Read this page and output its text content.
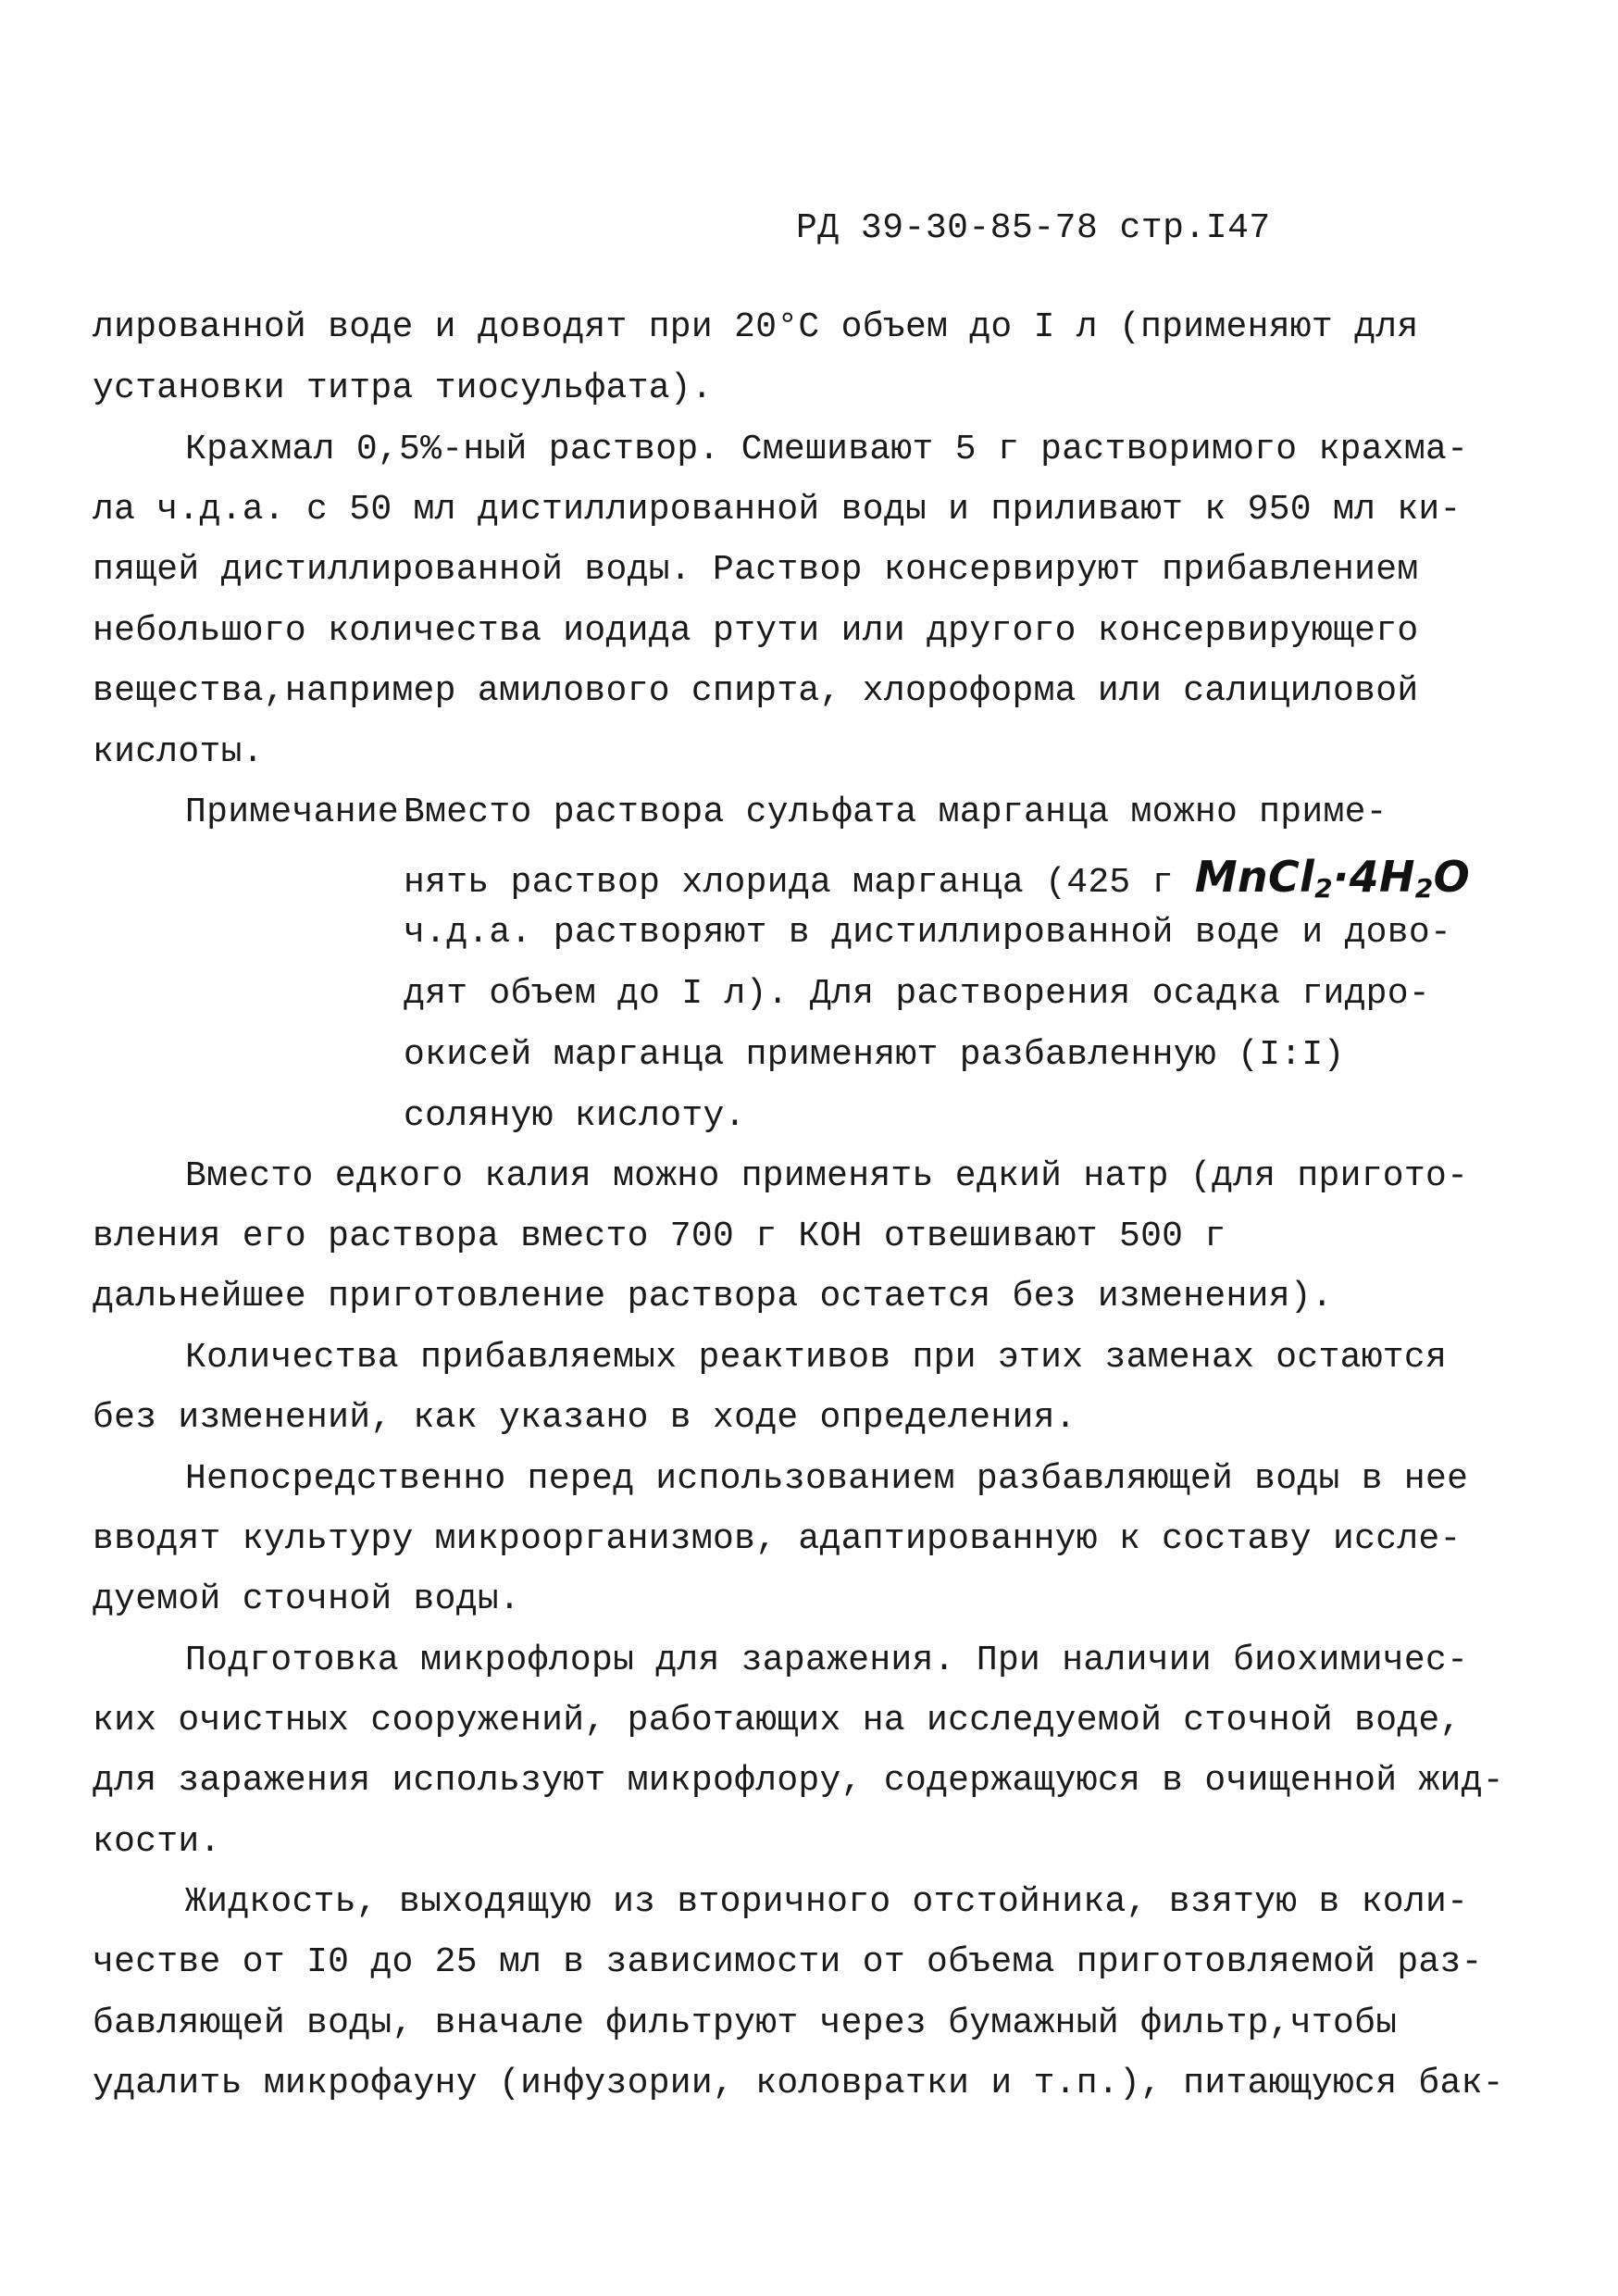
РД 39-30-85-78 стр.I47
лированной воде и доводят при 20°С объем до I л (применяют для
установки титра тиосульфата).
Крахмал 0,5%-ный раствор. Смешивают 5 г растворимого крахма-
ла ч.д.а. с 50 мл дистиллированной воды и приливают к 950 мл ки-
пящей дистиллированной воды. Раствор консервируют прибавлением
небольшого количества иодида ртути или другого консервирующего
вещества,например амилового спирта, хлороформа или салициловой
кислоты.
Примечание.
Вместо раствора сульфата марганца можно приме-
нять раствор хлорида марганца (425 г $MnCl_2\cdot 4H_2O$
ч.д.а. растворяют в дистиллированной воде и дово-
дят объем до I л). Для растворения осадка гидро-
окисей марганца применяют разбавленную (I:I)
соляную кислоту.
Вместо едкого калия можно применять едкий натр (для пригото-
вления его раствора вместо 700 г КОН отвешивают 500 г
дальнейшее приготовление раствора остается без изменения).
Количества прибавляемых реактивов при этих заменах остаются
без изменений, как указано в ходе определения.
Непосредственно перед использованием разбавляющей воды в нее
вводят культуру микроорганизмов, адаптированную к составу иссле-
дуемой сточной воды.
Подготовка микрофлоры для заражения. При наличии биохимичес-
ких очистных сооружений, работающих на исследуемой сточной воде,
для заражения используют микрофлору, содержащуюся в очищенной жид-
кости.
Жидкость, выходящую из вторичного отстойника, взятую в коли-
честве от I0 до 25 мл в зависимости от объема приготовляемой раз-
бавляющей воды, вначале фильтруют через бумажный фильтр,чтобы
удалить микрофауну (инфузории, коловратки и т.п.), питающуюся бак-
